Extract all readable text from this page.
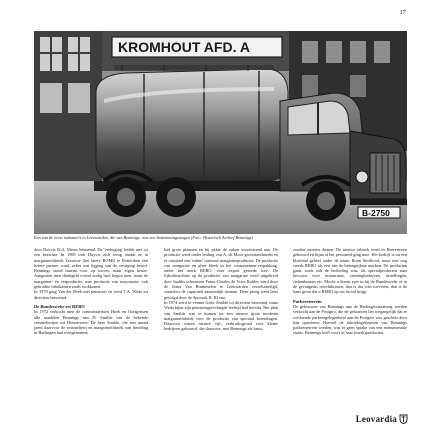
17
KROMHOUT AFD. A
B-2750
Een van de eerst tankauto's in Leeuwarden, die van Bennings, was een bestemmingswagen (Foto: Historisch Archief Bennings)

door Duyvis W.A. Meurs benoemd. De 'verhoging' leidde niet tot een bezwaar. In 1969 trok Duyvis zich terug omdat ze in margarinefabriek Zeeuwse (het latere ROMI) te Rotterdam een betere partner vond, zeker wat ligging van de vestiging betrof. Bennings stond daarna voor op succes, maar eigen keuze. Aangezien men drinkgeld overal nodig had, begon men, naast de margarine- en vetproductie, met productie van mayonaise, ook gebruikte fabrikanten zoals rookbonen.

In 1970 ging Van der Beek met pensioen en werd T.A. Weda tot directeur benoemd.

De Bundeswehr eet REBO

In 1972 verkocht men de commissarissen Hoek en Oortgensen alle aandelen Bennings aan D. Smilde van de bekende vetsmelterijen uit Heerenveen. De heer Smilde, die een aantal jaren daarvoor de vetsmelterij en margarinefabriek van Smeding in Harlingen had overgenomen,

had grote plannen en bij pakte de zaken voortvarend aan. De productie werd onder leiding van A. de Moor grootstandmerkt en er ontstond een 'inline' continue margarineproductie. De productie van margarine en ghee bleek in het consumenten-verpakking, onder het merk REBO, voor export gereede fore. De fijkvalmachine op de productie van margarine werd uitgebreid door Inaltks schoonsen Franz Charles de Vries Robles werd door de firma Van Brummelen te Leeuwarden verzelstandigd, waardoor de capaciteit aanzienlijk toenam. Deze ploeg werd later gevolgd door de Spoorok II, III enz.

In 1974 werd in vennot Gobr. Smilde tot directeur benoemd, maar Weda bijna zijn pensioengerechtigde leeftijd had bereikt. Het plan van Smilde was te komen tot een nieuwe grote moderne margarinefabriek voor de productie van speciaal bereidingen. Daarvoor waren nieuwe vijf, verbruiksgrond voor kleine bedrijven gebouwd, die daarvoor, met Bennings als basis,

zouden moeten dienen. De nieuwe fabriek werd in Heerenveen gebouwd en bijna al het personeel ging mee. Het bedrijf is nu een bloeiend geheel onder de naam Romi Smilfood, maar met nog steeds REBO als een van de belangrijkste merken. De producten gaan, zoals ook de bedoeling was, als specialproducten naar bescorst voor restaurants, cateringbedrijven, instellingen, ziekenhuizen etc. Mocht u dienst zeer in bij de Bundeswehr of in de gevangenis terechtkomen, dan is dat 'niet toeveren, dan is de kans groot dat u REBO op uw brood krijgt.

Parkeerterrein

De gebouwen van Bennings aan de Harlingerstraatweg werden verkocht aan de Postgiro, die de gebouwen liet toegangelijk dat er voldoende parkeergelegenheid aan de Postgiro was geschikt door kan oprichten; Hoewel de fabrieksgebouwen van Bennings parkeerterrein werden, was er geen sprake van een monumentale status. Bennings leeft voort in haar (merk)producten.

Leovardia
